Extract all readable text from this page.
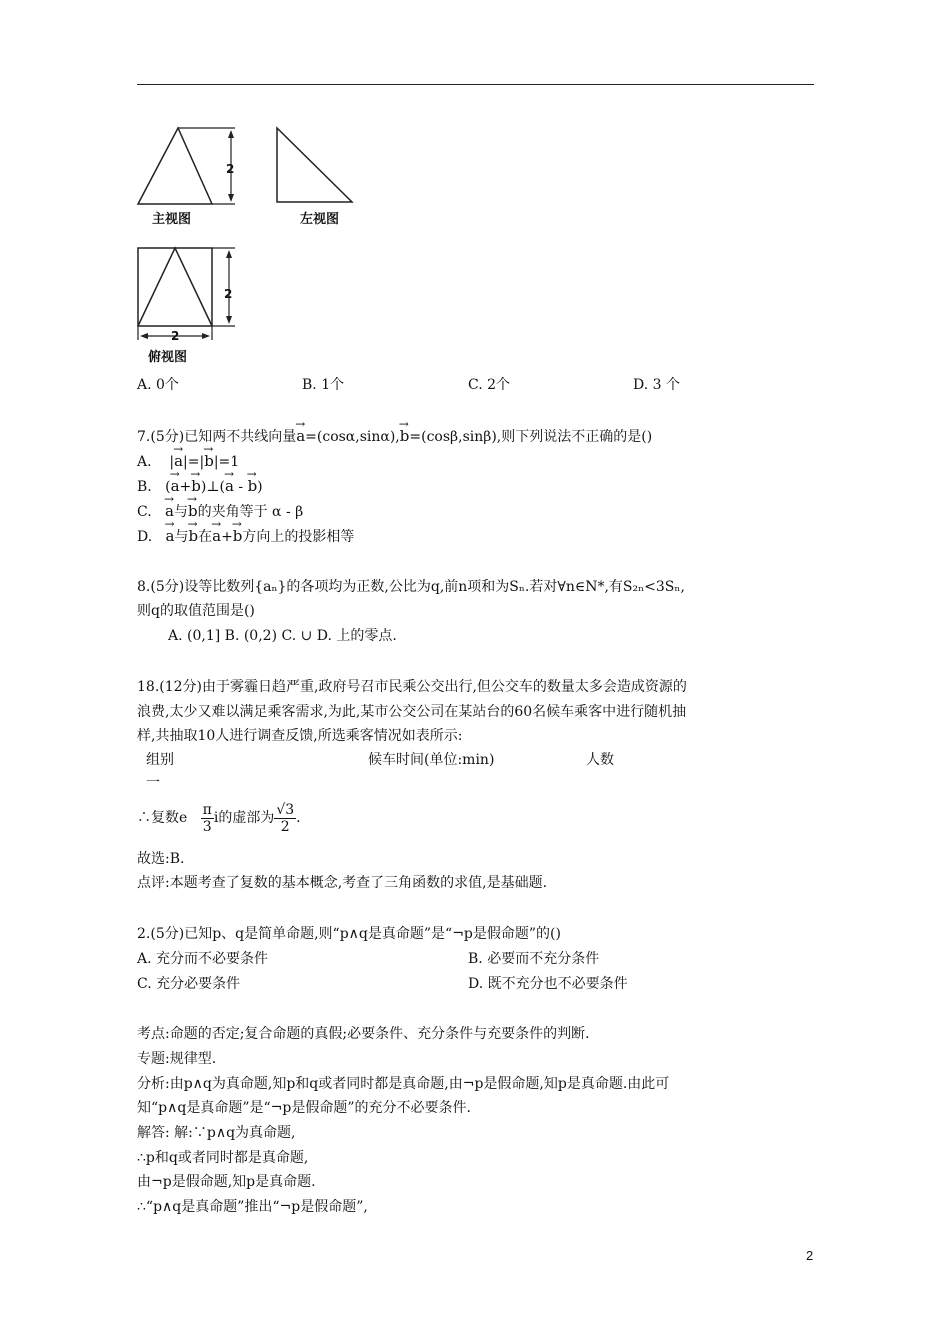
2
主视图	左视图
2
2
俯视图
A. 0个	B. 1个	C. 2个	D. 3 个
7.(5分)已知两不共线向量→ a=(cosα,sinα),→ b=(cosβ,sinβ),则下列说法不正确的是()
A.    |→ a|=|→ b|=1
B. (→ a+→ b)⊥(→ a - → b)
C. → a与→ b的夹角等于 α - β
D. → a与→ b在→ a+→ b方向上的投影相等
8.(5分)设等比数列{aₙ}的各项均为正数,公比为q,前n项和为Sₙ.若对∀n∈N*,有S₂ₙ<3Sₙ,
则q的取值范围是()
A. (0,1] B. (0,2) C. ∪ D. 上的零点.
18.(12分)由于雾霾日趋严重,政府号召市民乘公交出行,但公交车的数量太多会造成资源的
浪费,太少又难以满足乘客需求,为此,某市公交公司在某站台的60名候车乘客中进行随机抽
样,共抽取10人进行调查反馈,所选乘客情况如表所示:
组别	候车时间(单位:min)	人数
一
∴复数e $\frac{\pi}{3}$ i的虚部为 $\frac{√3}{2}$ .
故选:B.
点评:本题考查了复数的基本概念,考查了三角函数的求值,是基础题.
2.(5分)已知p、q是简单命题,则“p∧q是真命题”是“¬p是假命题”的()
A. 充分而不必要条件	B. 必要而不充分条件
C. 充分必要条件	D. 既不充分也不必要条件
考点:命题的否定;复合命题的真假;必要条件、充分条件与充要条件的判断.
专题:规律型.
分析:由p∧q为真命题,知p和q或者同时都是真命题,由¬p是假命题,知p是真命题.由此可
知“p∧q是真命题”是“¬p是假命题”的充分不必要条件.
解答: 解:∵p∧q为真命题,
∴p和q或者同时都是真命题,
由¬p是假命题,知p是真命题.
∴“p∧q是真命题”推出“¬p是假命题”,
2
